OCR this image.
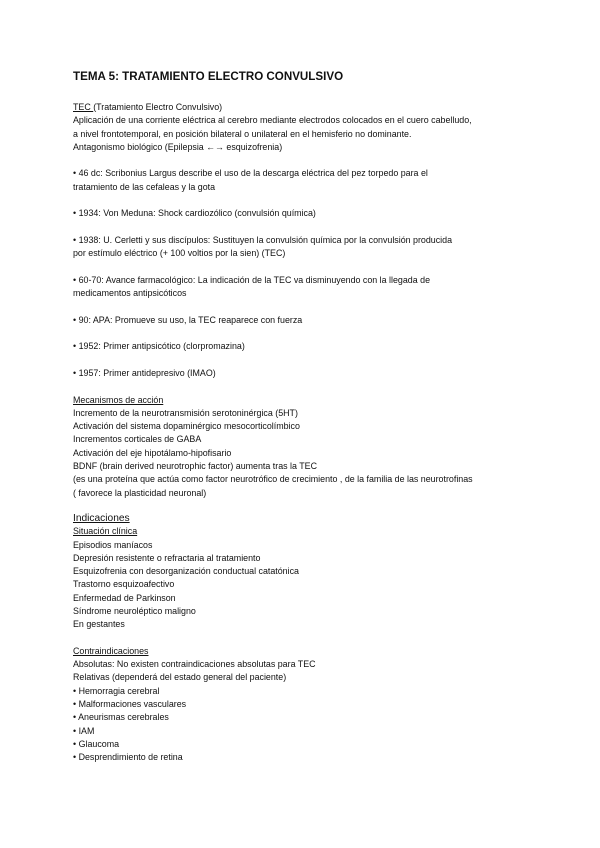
TEMA 5: TRATAMIENTO ELECTRO CONVULSIVO
TEC (Tratamiento Electro Convulsivo)
Aplicación de una corriente eléctrica al cerebro mediante electrodos colocados en el cuero cabelludo,
a nivel frontotemporal, en posición bilateral o unilateral en el hemisferio no dominante.
Antagonismo biológico (Epilepsia ←→ esquizofrenia)
• 46 dc: Scribonius Largus describe el uso de la descarga eléctrica del pez torpedo para el
tratamiento de las cefaleas y la gota
• 1934: Von Meduna: Shock cardiozólico (convulsión química)
• 1938: U. Cerletti y sus discípulos: Sustituyen la convulsión química por la convulsión producida
por estímulo eléctrico (+ 100 voltios por la sien) (TEC)
• 60-70: Avance farmacológico: La indicación de la TEC va disminuyendo con la llegada de
medicamentos antipsicóticos
• 90: APA: Promueve su uso, la TEC reaparece con fuerza
• 1952: Primer antipsicótico (clorpromazina)
• 1957: Primer antidepresivo (IMAO)
Mecanismos de acción
Incremento de la neurotransmisión serotoninérgica (5HT)
Activación del sistema dopaminérgico mesocorticolímbico
Incrementos corticales de GABA
Activación del eje hipotálamo-hipofisario
BDNF (brain derived neurotrophic factor) aumenta tras la TEC
(es una proteína que actúa como factor neurotrófico de crecimiento , de la familia de las neurotrofinas
( favorece la plasticidad neuronal)
Indicaciones
Situación clínica
Episodios maníacos
Depresión resistente o refractaria al tratamiento
Esquizofrenia con desorganización conductual catatónica
Trastorno esquizoafectivo
Enfermedad de Parkinson
Síndrome neuroléptico maligno
En gestantes
Contraindicaciones
Absolutas: No existen contraindicaciones absolutas para TEC
Relativas (dependerá del estado general del paciente)
• Hemorragia cerebral
• Malformaciones vasculares
• Aneurismas cerebrales
• IAM
• Glaucoma
• Desprendimiento de retina
